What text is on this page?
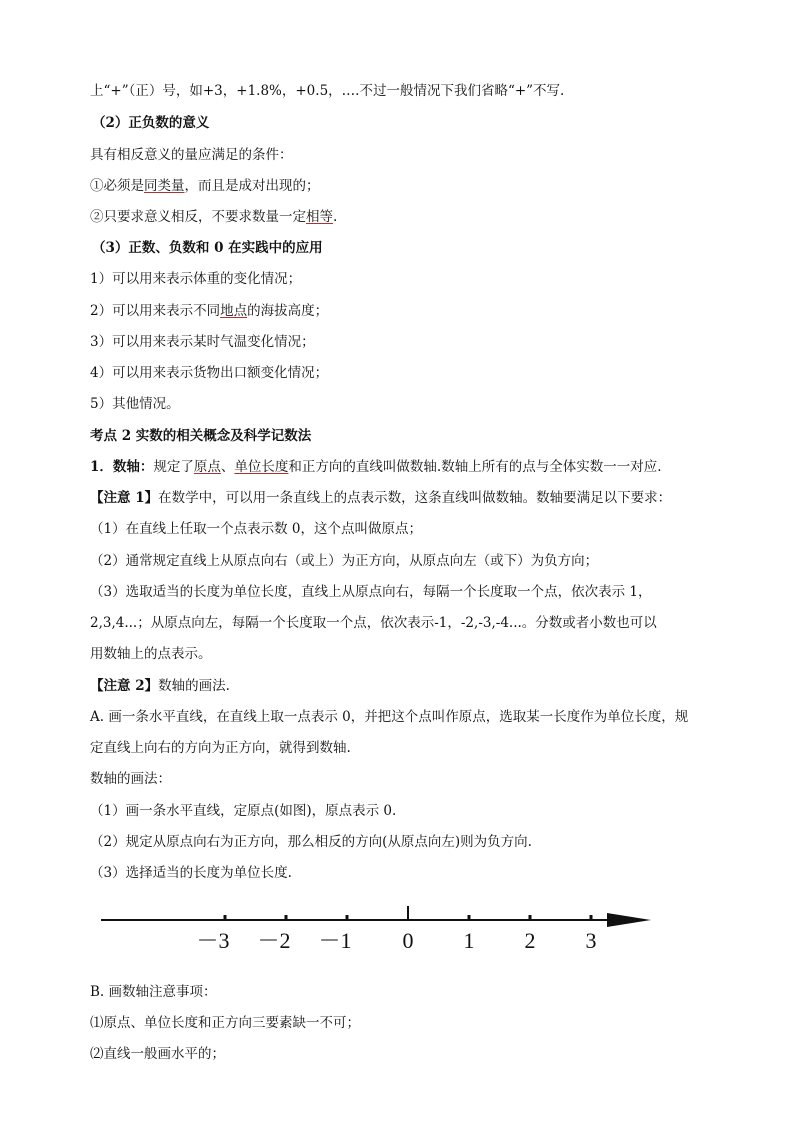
上“+”（正）号，如+3，+1.8%，+0.5，….不过一般情况下我们省略“+”不写.
（2）正负数的意义
具有相反意义的量应满足的条件：
①必须是同类量，而且是成对出现的；
②只要求意义相反，不要求数量一定相等.
（3）正数、负数和 0 在实践中的应用
1）可以用来表示体重的变化情况；
2）可以用来表示不同地点的海拔高度；
3）可以用来表示某时气温变化情况；
4）可以用来表示货物出口额变化情况；
5）其他情况。
考点 2 实数的相关概念及科学记数法
1．数轴：规定了原点、单位长度和正方向的直线叫做数轴.数轴上所有的点与全体实数一一对应.
【注意 1】在数学中，可以用一条直线上的点表示数，这条直线叫做数轴。数轴要满足以下要求：
（1）在直线上任取一个点表示数 0，这个点叫做原点；
（2）通常规定直线上从原点向右（或上）为正方向，从原点向左（或下）为负方向；
（3）选取适当的长度为单位长度，直线上从原点向右，每隔一个长度取一个点，依次表示 1，
2,3,4...；从原点向左，每隔一个长度取一个点，依次表示-1，-2,-3,-4...。分数或者小数也可以
用数轴上的点表示。
【注意 2】数轴的画法.
A. 画一条水平直线，在直线上取一点表示 0，并把这个点叫作原点，选取某一长度作为单位长度，规
定直线上向右的方向为正方向，就得到数轴.
数轴的画法：
（1）画一条水平直线，定原点(如图)，原点表示 0.
（2）规定从原点向右为正方向，那么相反的方向(从原点向左)则为负方向.
（3）选择适当的长度为单位长度.
－3 －2 －1 0 1 2 3
B. 画数轴注意事项：
⑴原点、单位长度和正方向三要素缺一不可；
⑵直线一般画水平的；
